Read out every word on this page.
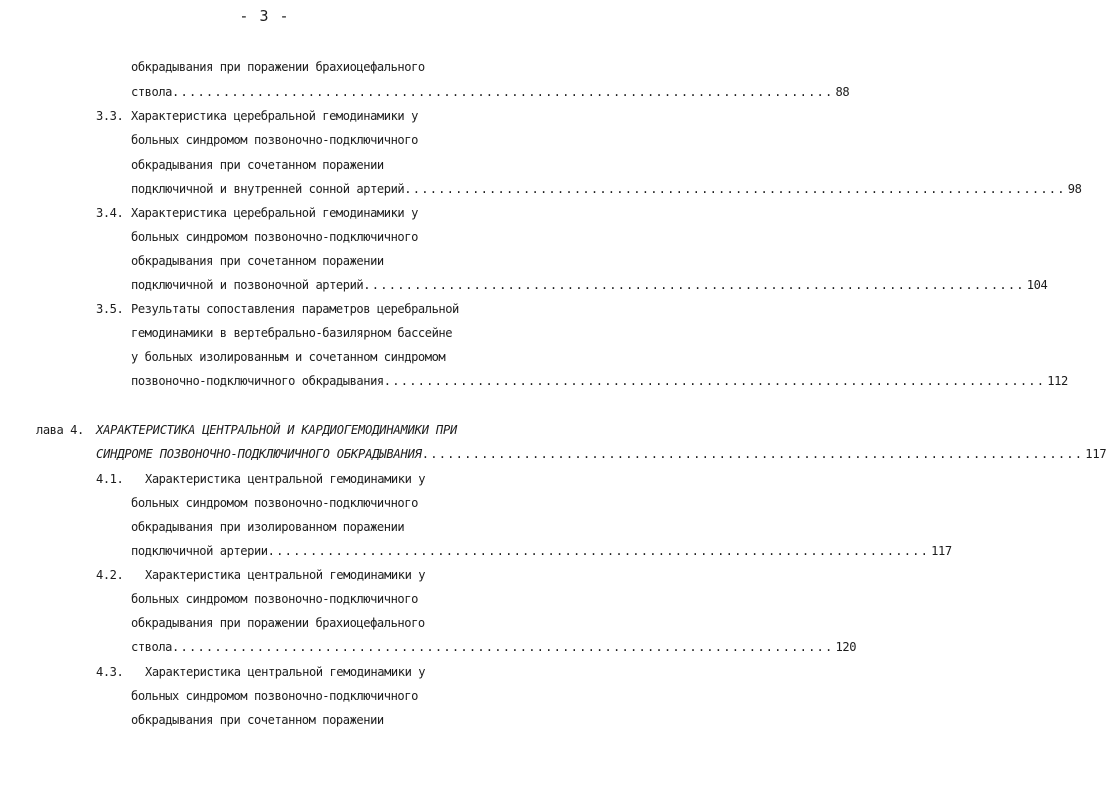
- 3 -
обкрадывания при поражении брахиоцефального
ствола .............................................................................. 88
3.3. Характеристика церебральной гемодинамики у
больных синдромом позвоночно-подключичного
обкрадывания при сочетанном поражении
подключичной и внутренней сонной артерий .............................................................................. 98
3.4. Характеристика церебральной гемодинамики у
больных синдромом позвоночно-подключичного
обкрадывания при сочетанном поражении
подключичной и позвоночной артерий .............................................................................. 104
3.5. Результаты сопоставления параметров церебральной
гемодинамики в вертебрально-базилярном бассейне
у больных изолированным и сочетанном синдромом
позвоночно-подключичного обкрадывания .............................................................................. 112
лава 4. ХАРАКТЕРИСТИКА ЦЕНТРАЛЬНОЙ И КАРДИОГЕМОДИНАМИКИ ПРИ
СИНДРОМЕ ПОЗВОНОЧНО-ПОДКЛЮЧИЧНОГО ОБКРАДЫВАНИЯ .............................................................................. 117
4.1. Характеристика центральной гемодинамики у
больных синдромом позвоночно-подключичного
обкрадывания при изолированном поражении
подключичной артерии .............................................................................. 117
4.2. Характеристика центральной гемодинамики у
больных синдромом позвоночно-подключичного
обкрадывания при поражении брахиоцефального
ствола .............................................................................. 120
4.3. Характеристика центральной гемодинамики у
больных синдромом позвоночно-подключичного
обкрадывания при сочетанном поражении
